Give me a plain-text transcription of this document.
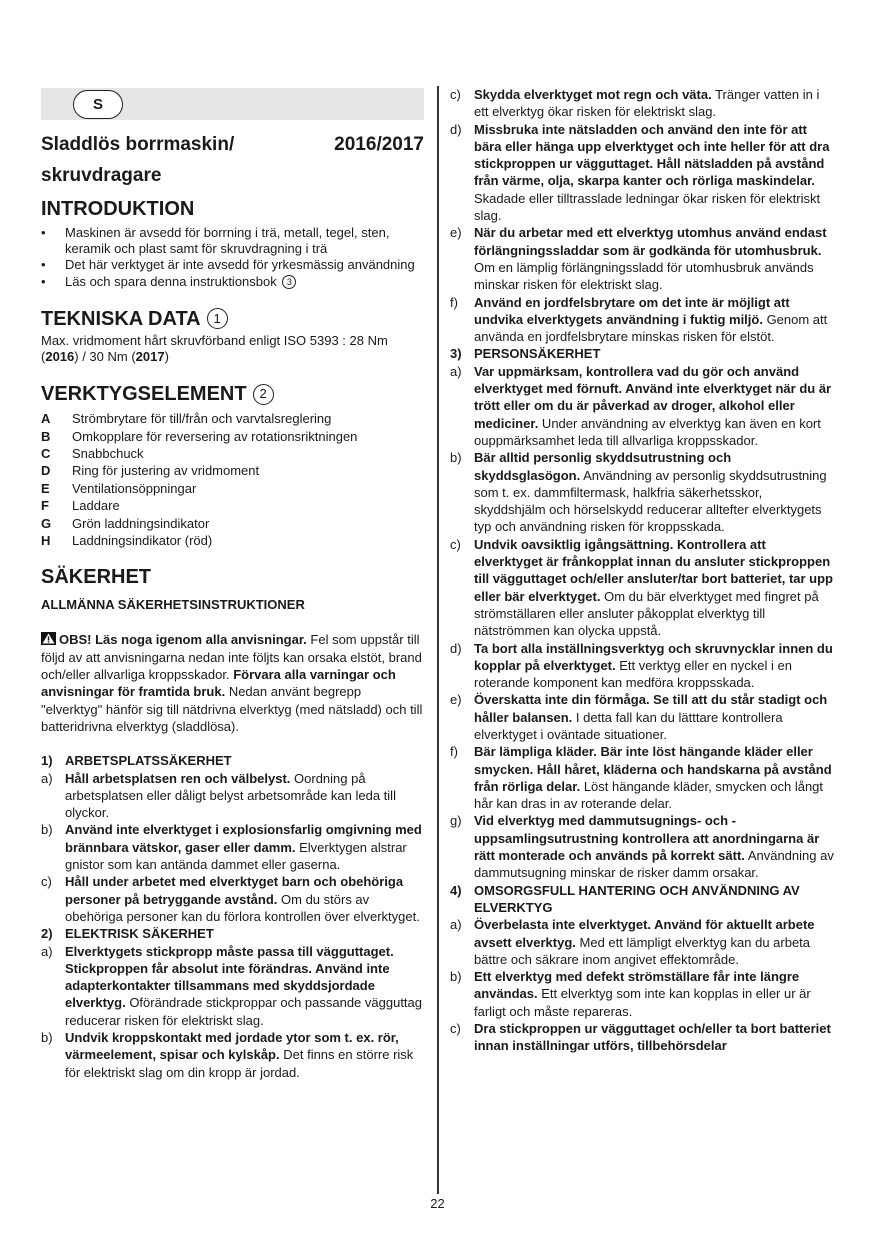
S
Sladdlös borrmaskin/	2016/2017
skruvdragare
INTRODUKTION
•	Maskinen är avsedd för borrning i trä, metall, tegel, sten, keramik och plast samt för skruvdragning i trä
•	Det här verktyget är inte avsedd för yrkesmässig användning
•	Läs och spara denna instruktionsbok 3
TEKNISKA DATA 1
Max. vridmoment hårt skruvförband enligt ISO 5393 : 28 Nm (2016) / 30 Nm (2017)
VERKTYGSELEMENT 2
A	Strömbrytare för till/från och varvtalsreglering
B	Omkopplare för reversering av rotationsriktningen
C	Snabbchuck
D	Ring för justering av vridmoment
E	Ventilationsöppningar
F	Laddare
G	Grön laddningsindikator
H	Laddningsindikator (röd)
SÄKERHET
ALLMÄNNA SÄKERHETSINSTRUKTIONER
OBS! Läs noga igenom alla anvisningar. Fel som uppstår till följd av att anvisningarna nedan inte följts kan orsaka elstöt, brand och/eller allvarliga kroppsskador. Förvara alla varningar och anvisningar för framtida bruk. Nedan använt begrepp "elverktyg" hänför sig till nätdrivna elverktyg (med nätsladd) och till batteridrivna elverktyg (sladdlösa).
1) ARBETSPLATSSÄKERHET
a) Håll arbetsplatsen ren och välbelyst. Oordning på arbetsplatsen eller dåligt belyst arbetsområde kan leda till olyckor.
b) Använd inte elverktyget i explosionsfarlig omgivning med brännbara vätskor, gaser eller damm. Elverktygen alstrar gnistor som kan antända dammet eller gaserna.
c)	Håll under arbetet med elverktyget barn och obehöriga personer på betryggande avstånd. Om du störs av obehöriga personer kan du förlora kontrollen över elverktyget.
2) ELEKTRISK SÄKERHET
a) Elverktygets stickpropp måste passa till vägguttaget. Stickproppen får absolut inte förändras. Använd inte adapterkontakter tillsammans med skyddsjordade elverktyg. Oförändrade stickproppar och passande vägguttag reducerar risken för elektriskt slag.
b) Undvik kroppskontakt med jordade ytor som t. ex. rör, värmeelement, spisar och kylskåp. Det finns en större risk för elektriskt slag om din kropp är jordad.
c)	Skydda elverktyget mot regn och väta. Tränger vatten in i ett elverktyg ökar risken för elektriskt slag.
d) Missbruka inte nätsladden och använd den inte för att bära eller hänga upp elverktyget och inte heller för att dra stickproppen ur vägguttaget. Håll nätsladden på avstånd från värme, olja, skarpa kanter och rörliga maskindelar. Skadade eller tilltrasslade ledningar ökar risken för elektriskt slag.
e) När du arbetar med ett elverktyg utomhus använd endast förlängningssladdar som är godkända för utomhusbruk. Om en lämplig förlängningssladd för utomhusbruk används minskar risken för elektriskt slag.
f)	Använd en jordfelsbrytare om det inte är möjligt att undvika elverktygets användning i fuktig miljö. Genom att använda en jordfelsbrytare minskas risken för elstöt.
3) PERSONSÄKERHET
a) Var uppmärksam, kontrollera vad du gör och använd elverktyget med förnuft. Använd inte elverktyget när du är trött eller om du är påverkad av droger, alkohol eller mediciner. Under användning av elverktyg kan även en kort ouppmärksamhet leda till allvarliga kroppsskador.
b) Bär alltid personlig skyddsutrustning och skyddsglasögon. Användning av personlig skyddsutrustning som t. ex. dammfiltermask, halkfria säkerhetsskor, skyddshjälm och hörselskydd reducerar alltefter elverktygets typ och användning risken för kroppsskada.
c)	Undvik oavsiktlig igångsättning. Kontrollera att elverktyget är frånkopplat innan du ansluter stickproppen till vägguttaget och/eller ansluter/tar bort batteriet, tar upp eller bär elverktyget. Om du bär elverktyget med fingret på strömställaren eller ansluter påkopplat elverktyg till nätströmmen kan olycka uppstå.
d) Ta bort alla inställningsverktyg och skruvnycklar innen du kopplar på elverktyget. Ett verktyg eller en nyckel i en roterande komponent kan medföra kroppsskada.
e) Överskatta inte din förmåga. Se till att du står stadigt och håller balansen. I detta fall kan du lätttare kontrollera elverktyget i oväntade situationer.
f)	Bär lämpliga kläder. Bär inte löst hängande kläder eller smycken. Håll håret, kläderna och handskarna på avstånd från rörliga delar. Löst hängande kläder, smycken och långt hår kan dras in av roterande delar.
g) Vid elverktyg med dammutsugnings- och -uppsamlingsutrustning kontrollera att anordningarna är rätt monterade och används på korrekt sätt. Användning av dammutsugning minskar de risker damm orsakar.
4) OMSORGSFULL HANTERING OCH ANVÄNDNING AV ELVERKTYG
a) Överbelasta inte elverktyget. Använd för aktuellt arbete avsett elverktyg. Med ett lämpligt elverktyg kan du arbeta bättre och säkrare inom angivet effektområde.
b) Ett elverktyg med defekt strömställare får inte längre användas. Ett elverktyg som inte kan kopplas in eller ur är farligt och måste repareras.
c)	Dra stickproppen ur vägguttaget och/eller ta bort batteriet innan inställningar utförs, tillbehörsdelar
22
